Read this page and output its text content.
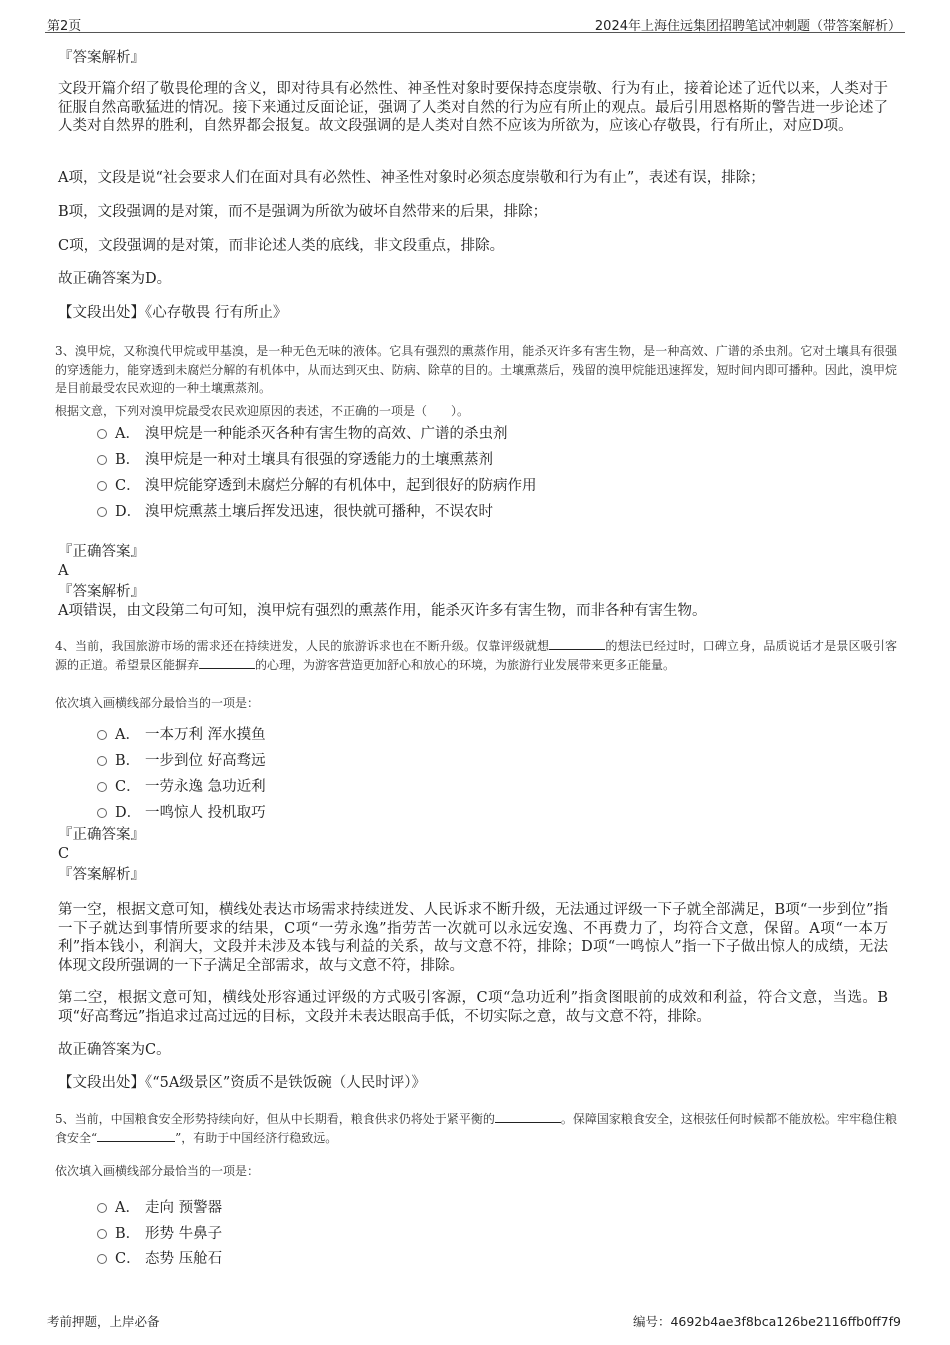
第2页	2024年上海住远集团招聘笔试冲刺题（带答案解析）
『答案解析』
文段开篇介绍了敬畏伦理的含义，即对待具有必然性、神圣性对象时要保持态度崇敬、行为有止，接着论述了近代以来，人类对于征服自然高歌猛进的情况。接下来通过反面论证，强调了人类对自然的行为应有所止的观点。最后引用恩格斯的警告进一步论述了人类对自然界的胜利，自然界都会报复。故文段强调的是人类对自然不应该为所欲为，应该心存敬畏，行有所止，对应D项。
A项，文段是说“社会要求人们在面对具有必然性、神圣性对象时必须态度崇敬和行为有止”，表述有误，排除；
B项，文段强调的是对策，而不是强调为所欲为破坏自然带来的后果，排除；
C项，文段强调的是对策，而非论述人类的底线，非文段重点，排除。
故正确答案为D。
【文段出处】《心存敬畏 行有所止》
3、溴甲烷，又称溴代甲烷或甲基溴，是一种无色无味的液体。它具有强烈的熏蒸作用，能杀灭许多有害生物，是一种高效、广谱的杀虫剂。它对土壤具有很强的穿透能力，能穿透到未腐烂分解的有机体中，从而达到灭虫、防病、除草的目的。土壤熏蒸后，残留的溴甲烷能迅速挥发，短时间内即可播种。因此，溴甲烷是目前最受农民欢迎的一种土壤熏蒸剂。
根据文意，下列对溴甲烷最受农民欢迎原因的表述，不正确的一项是（　　）。
A． 溴甲烷是一种能杀灭各种有害生物的高效、广谱的杀虫剂
B． 溴甲烷是一种对土壤具有很强的穿透能力的土壤熏蒸剂
C． 溴甲烷能穿透到未腐烂分解的有机体中，起到很好的防病作用
D． 溴甲烷熏蒸土壤后挥发迅速，很快就可播种，不误农时
『正确答案』
A
『答案解析』
A项错误，由文段第二句可知，溴甲烷有强烈的熏蒸作用，能杀灭许多有害生物，而非各种有害生物。
4、当前，我国旅游市场的需求还在持续迸发，人民的旅游诉求也在不断升级。仅靠评级就想	的想法已经过时，口碑立身，品质说话才是景区吸引客源的正道。希望景区能摒弃	的心理，为游客营造更加舒心和放心的环境，为旅游行业发展带来更多正能量。
依次填入画横线部分最恰当的一项是：
A． 一本万利 浑水摸鱼
B． 一步到位 好高骛远
C． 一劳永逸 急功近利
D． 一鸣惊人 投机取巧
『正确答案』
C
『答案解析』
第一空，根据文意可知，横线处表达市场需求持续迸发、人民诉求不断升级，无法通过评级一下子就全部满足，B项“一步到位”指一下子就达到事情所要求的结果，C项“一劳永逸”指劳苦一次就可以永远安逸、不再费力了，均符合文意，保留。A项“一本万利”指本钱小，利润大，文段并未涉及本钱与利益的关系，故与文意不符，排除；D项“一鸣惊人”指一下子做出惊人的成绩，无法体现文段所强调的一下子满足全部需求，故与文意不符，排除。
第二空，根据文意可知，横线处形容通过评级的方式吸引客源，C项“急功近利”指贪图眼前的成效和利益，符合文意，当选。B项“好高骛远”指追求过高过远的目标，文段并未表达眼高手低，不切实际之意，故与文意不符，排除。
故正确答案为C。
【文段出处】《“5A级景区”资质不是铁饭碗（人民时评）》
5、当前，中国粮食安全形势持续向好，但从中长期看，粮食供求仍将处于紧平衡的	。保障国家粮食安全，这根弦任何时候都不能放松。牢牢稳住粮食安全“	”，有助于中国经济行稳致远。
依次填入画横线部分最恰当的一项是：
A． 走向 预警器
B． 形势 牛鼻子
C． 态势 压舱石
考前押题，上岸必备	编号：4692b4ae3f8bca126be2116ffb0ff7f9
